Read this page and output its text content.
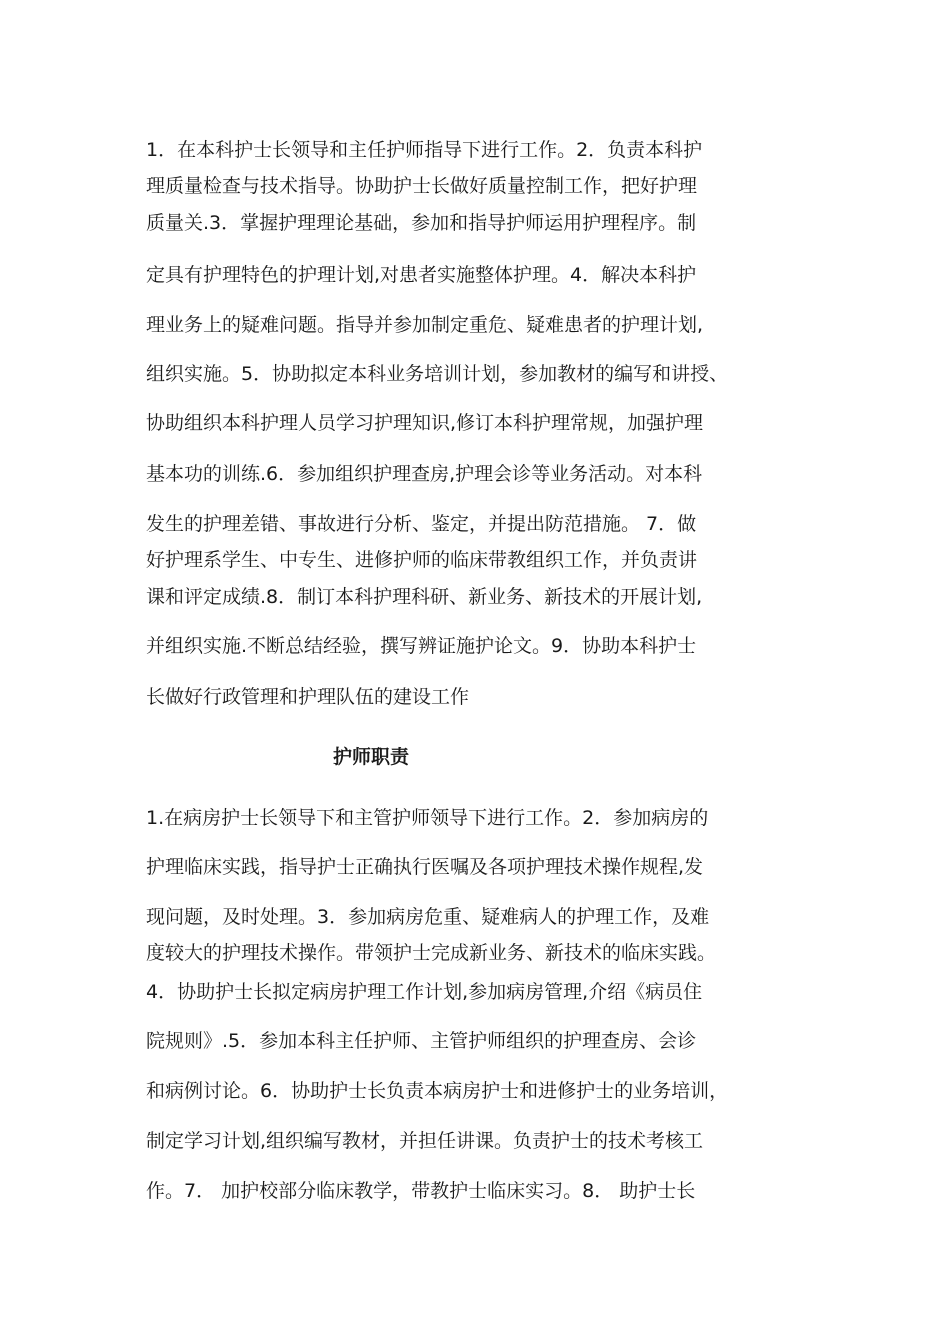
1．在本科护士长领导和主任护师指导下进行工作。2．负责本科护
理质量检查与技术指导。协助护士长做好质量控制工作，把好护理
质量关.3．掌握护理理论基础，参加和指导护师运用护理程序。制
定具有护理特色的护理计划,对患者实施整体护理。4．解决本科护
理业务上的疑难问题。指导并参加制定重危、疑难患者的护理计划,
组织实施。5．协助拟定本科业务培训计划，参加教材的编写和讲授、
协助组织本科护理人员学习护理知识,修订本科护理常规，加强护理
基本功的训练.6．参加组织护理查房,护理会诊等业务活动。对本科
发生的护理差错、事故进行分析、鉴定，并提出防范措施。 7．做
好护理系学生、中专生、进修护师的临床带教组织工作，并负责讲
课和评定成绩.8．制订本科护理科研、新业务、新技术的开展计划,
并组织实施.不断总结经验，撰写辨证施护论文。9．协助本科护士
长做好行政管理和护理队伍的建设工作
护师职责
1.在病房护士长领导下和主管护师领导下进行工作。2．参加病房的
护理临床实践，指导护士正确执行医嘱及各项护理技术操作规程,发
现问题，及时处理。3．参加病房危重、疑难病人的护理工作，及难
度较大的护理技术操作。带领护士完成新业务、新技术的临床实践。
4．协助护士长拟定病房护理工作计划,参加病房管理,介绍《病员住
院规则》.5．参加本科主任护师、主管护师组织的护理查房、会诊
和病例讨论。6．协助护士长负责本病房护士和进修护士的业务培训，
制定学习计划,组织编写教材，并担任讲课。负责护士的技术考核工
作。7． 加护校部分临床教学，带教护士临床实习。8． 助护士长
